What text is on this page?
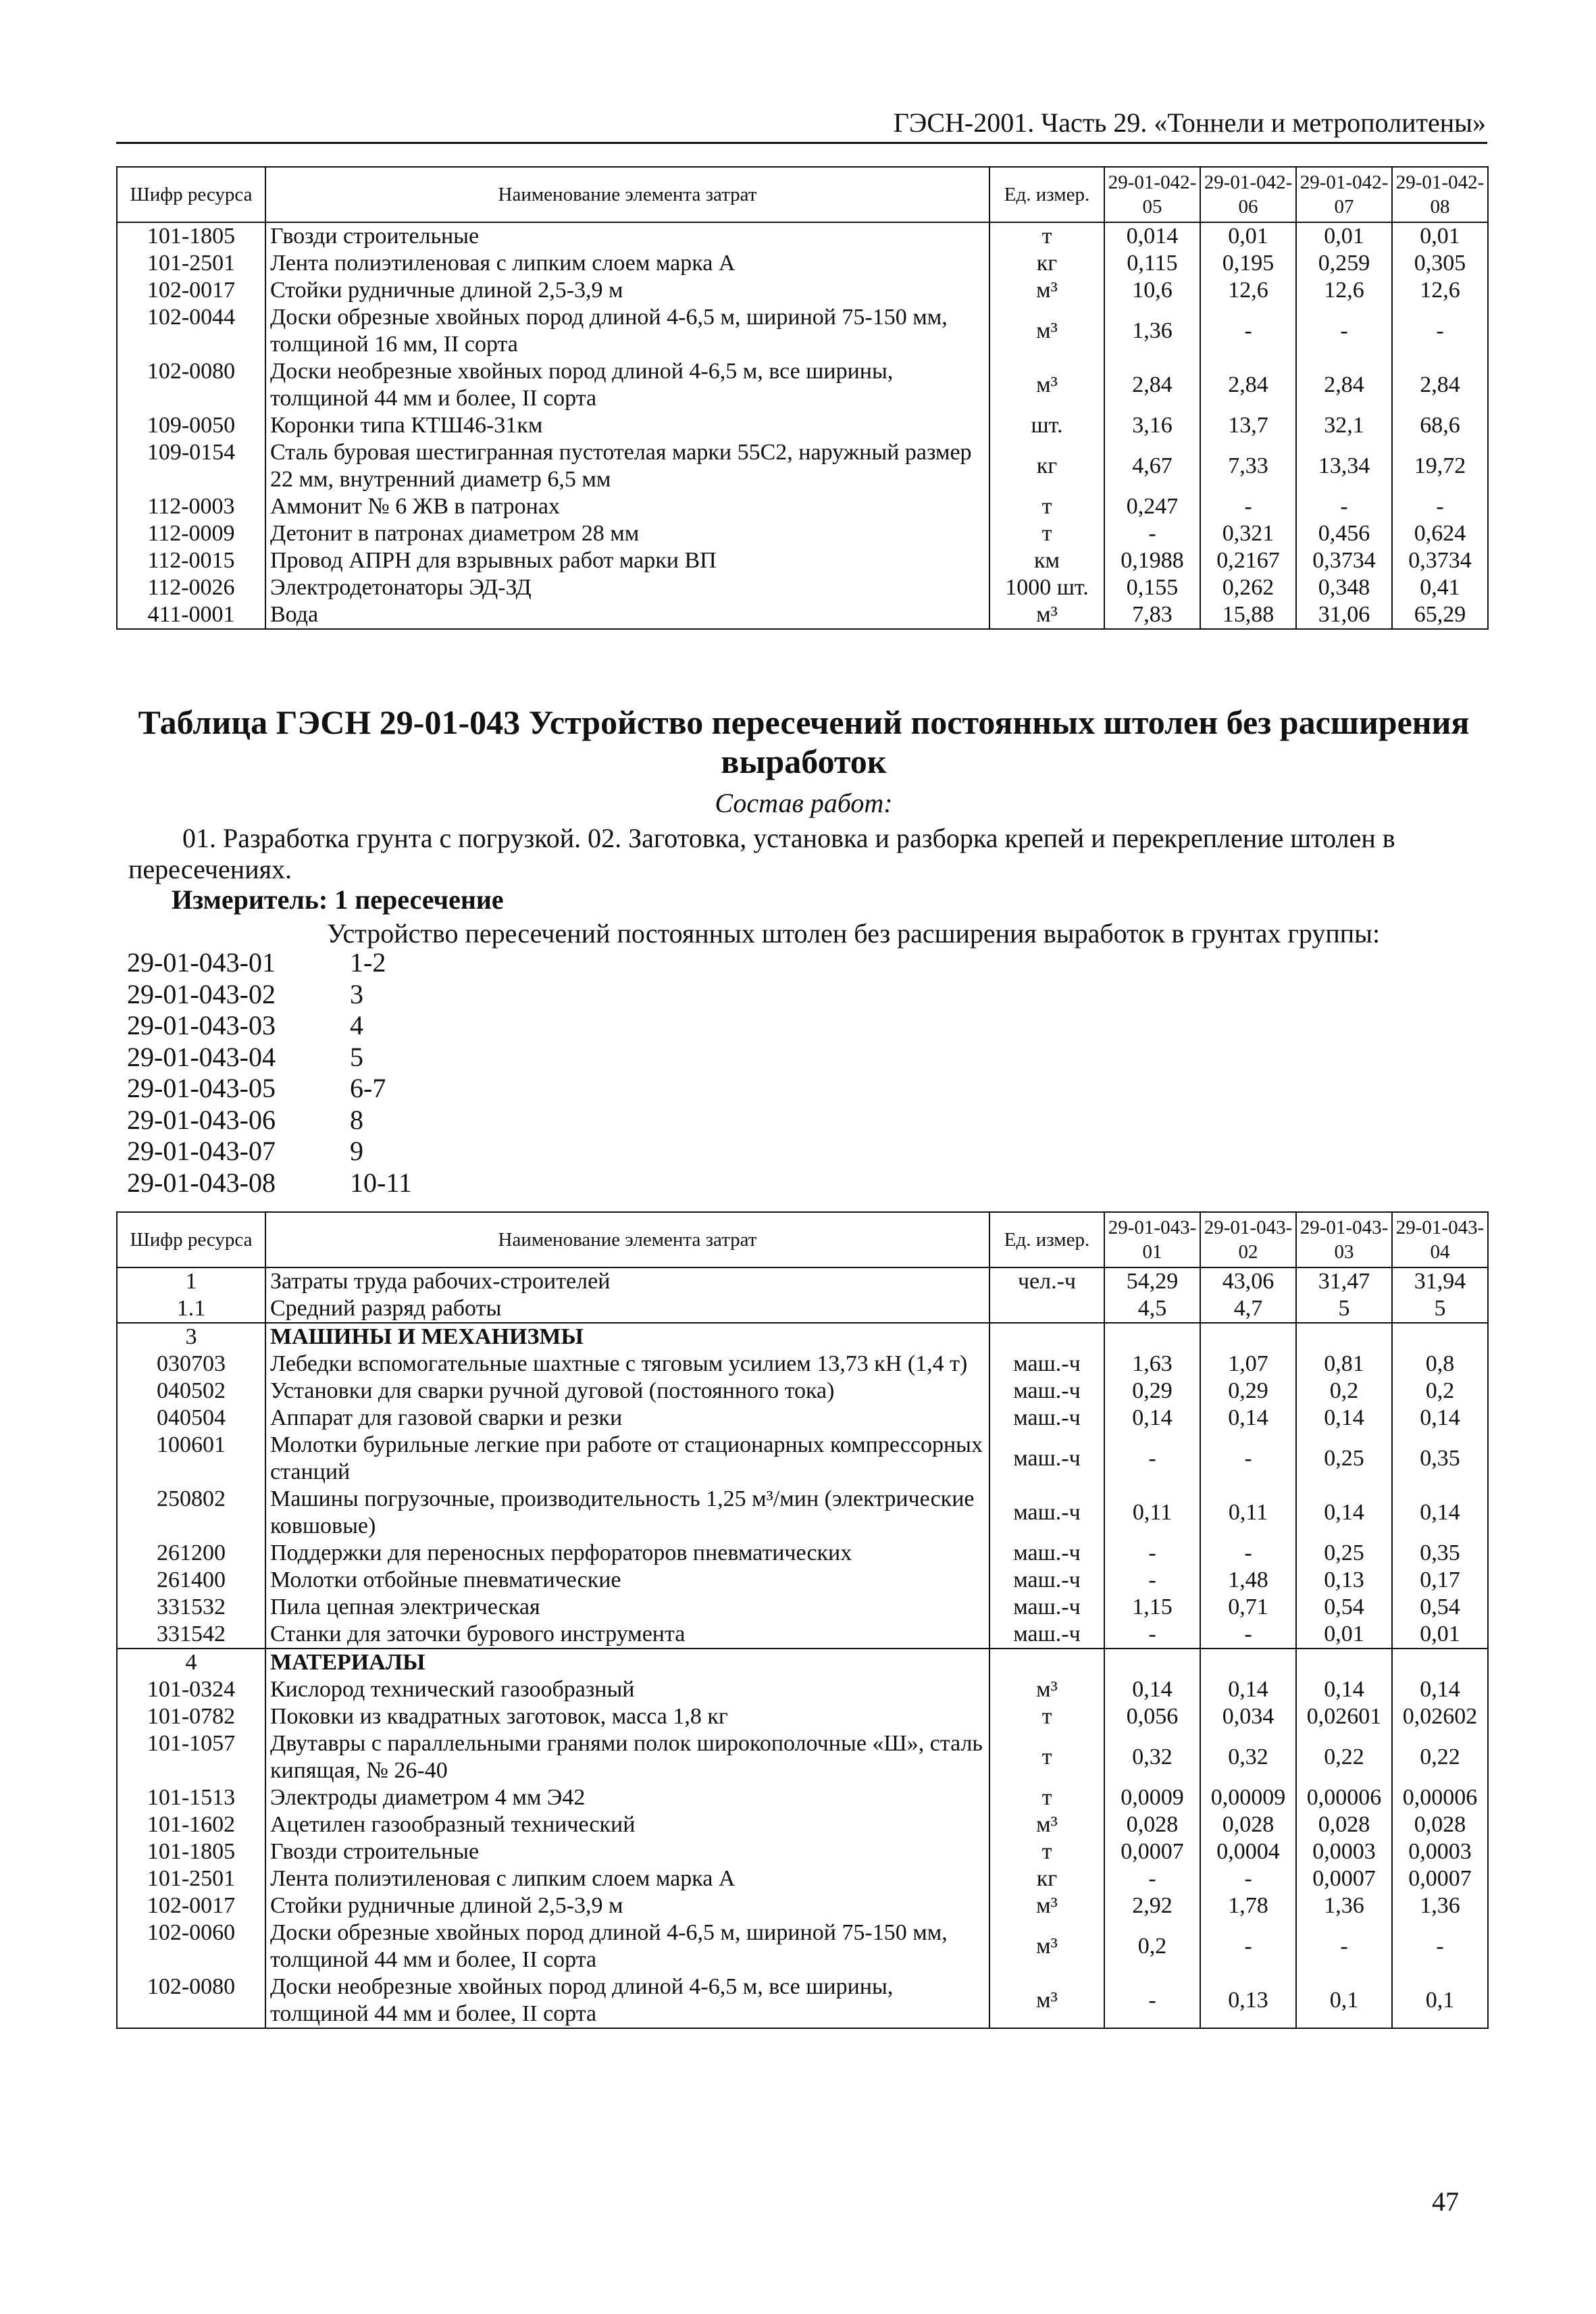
ГЭСН-2001. Часть 29. «Тоннели и метрополитены»
Шифр ресурса	Наименование элемента затрат	Ед. измер.	29-01-042-05	29-01-042-06	29-01-042-07	29-01-042-08
101-1805	Гвозди строительные	т	0,014	0,01	0,01	0,01
101-2501	Лента полиэтиленовая с липким слоем марка А	кг	0,115	0,195	0,259	0,305
102-0017	Стойки рудничные длиной 2,5-3,9 м	м³	10,6	12,6	12,6	12,6
102-0044	Доски обрезные хвойных пород длиной 4-6,5 м, шириной 75-150 мм, толщиной 16 мм, II сорта	м³	1,36	-	-	-
102-0080	Доски необрезные хвойных пород длиной 4-6,5 м, все ширины, толщиной 44 мм и более, II сорта	м³	2,84	2,84	2,84	2,84
109-0050	Коронки типа КТШ46-31км	шт.	3,16	13,7	32,1	68,6
109-0154	Сталь буровая шестигранная пустотелая марки 55С2, наружный размер 22 мм, внутренний диаметр 6,5 мм	кг	4,67	7,33	13,34	19,72
112-0003	Аммонит № 6 ЖВ в патронах	т	0,247	-	-	-
112-0009	Детонит в патронах диаметром 28 мм	т	-	0,321	0,456	0,624
112-0015	Провод АПРН для взрывных работ марки ВП	км	0,1988	0,2167	0,3734	0,3734
112-0026	Электродетонаторы ЭД-ЗД	1000 шт.	0,155	0,262	0,348	0,41
411-0001	Вода	м³	7,83	15,88	31,06	65,29
Таблица ГЭСН 29-01-043 Устройство пересечений постоянных штолен без расширения
выработок
Состав работ:
01. Разработка грунта с погрузкой. 02. Заготовка, установка и разборка крепей и перекрепление штолен в пересечениях.
Измеритель: 1 пересечение
Устройство пересечений постоянных штолен без расширения выработок в грунтах группы:
29-01-043-01	1-2
29-01-043-02	3
29-01-043-03	4
29-01-043-04	5
29-01-043-05	6-7
29-01-043-06	8
29-01-043-07	9
29-01-043-08	10-11
Шифр ресурса	Наименование элемента затрат	Ед. измер.	29-01-043-01	29-01-043-02	29-01-043-03	29-01-043-04
1	Затраты труда рабочих-строителей	чел.-ч	54,29	43,06	31,47	31,94
1.1	Средний разряд работы		4,5	4,7	5	5
3	МАШИНЫ И МЕХАНИЗМЫ					
030703	Лебедки вспомогательные шахтные с тяговым усилием 13,73 кН (1,4 т)	маш.-ч	1,63	1,07	0,81	0,8
040502	Установки для сварки ручной дуговой (постоянного тока)	маш.-ч	0,29	0,29	0,2	0,2
040504	Аппарат для газовой сварки и резки	маш.-ч	0,14	0,14	0,14	0,14
100601	Молотки бурильные легкие при работе от стационарных компрессорных станций	маш.-ч	-	-	0,25	0,35
250802	Машины погрузочные, производительность 1,25 м³/мин (электрические ковшовые)	маш.-ч	0,11	0,11	0,14	0,14
261200	Поддержки для переносных перфораторов пневматических	маш.-ч	-	-	0,25	0,35
261400	Молотки отбойные пневматические	маш.-ч	-	1,48	0,13	0,17
331532	Пила цепная электрическая	маш.-ч	1,15	0,71	0,54	0,54
331542	Станки для заточки бурового инструмента	маш.-ч	-	-	0,01	0,01
4	МАТЕРИАЛЫ					
101-0324	Кислород технический газообразный	м³	0,14	0,14	0,14	0,14
101-0782	Поковки из квадратных заготовок, масса 1,8 кг	т	0,056	0,034	0,02601	0,02602
101-1057	Двутавры с параллельными гранями полок широкополочные «Ш», сталь кипящая, № 26-40	т	0,32	0,32	0,22	0,22
101-1513	Электроды диаметром 4 мм Э42	т	0,0009	0,00009	0,00006	0,00006
101-1602	Ацетилен газообразный технический	м³	0,028	0,028	0,028	0,028
101-1805	Гвозди строительные	т	0,0007	0,0004	0,0003	0,0003
101-2501	Лента полиэтиленовая с липким слоем марка А	кг	-	-	0,0007	0,0007
102-0017	Стойки рудничные длиной 2,5-3,9 м	м³	2,92	1,78	1,36	1,36
102-0060	Доски обрезные хвойных пород длиной 4-6,5 м, шириной 75-150 мм, толщиной 44 мм и более, II сорта	м³	0,2	-	-	-
102-0080	Доски необрезные хвойных пород длиной 4-6,5 м, все ширины, толщиной 44 мм и более, II сорта	м³	-	0,13	0,1	0,1
47
